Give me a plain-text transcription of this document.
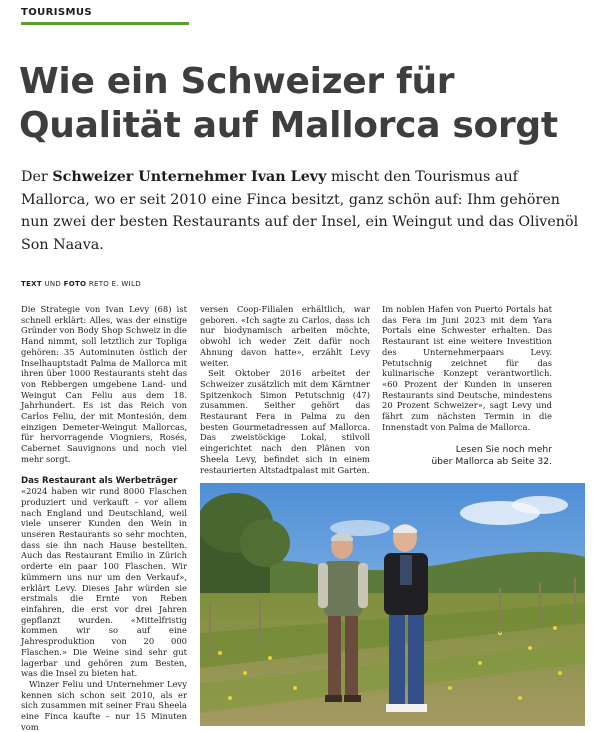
TOURISMUS
Wie ein Schweizer für
Qualität auf Mallorca sorgt

Der Schweizer Unternehmer Ivan Levy mischt den Tourismus auf Mallorca, wo er seit 2010 eine Finca besitzt, ganz schön auf: Ihm gehören nun zwei der besten Restaurants auf der Insel, ein Weingut und das Olivenöl Son Naava.

TEXT UND FOTO RETO E. WILD

Die Strategie von Ivan Levy (68) ist schnell erklärt: Alles, was der einstige Gründer von Body Shop Schweiz in die Hand nimmt, soll letztlich zur Topliga gehören: 35 Autominuten östlich der Inselhauptstadt Palma de Mallorca mit ihren über 1000 Restaurants steht das von Rebbergen umgebene Land- und Weingut Can Feliu aus dem 18. Jahrhundert. Es ist das Reich von Carlos Feliu, der mit Montesión, dem einzigen Demeter-Weingut Mallorcas, für hervorragende Viogniers, Rosés, Cabernet Sauvignons und noch viel mehr sorgt.

Das Restaurant als Werbeträger

«2024 haben wir rund 8000 Flaschen produziert und verkauft – vor allem nach England und Deutschland, weil viele unserer Kunden den Wein in unseren Restaurants so sehr mochten, dass sie ihn nach Hause bestellten. Auch das Restaurant Emilio in Zürich orderte ein paar 100 Flaschen. Wir kümmern uns nur um den Verkauf», erklärt Levy. Dieses Jahr würden sie erstmals die Ernte von Reben einfahren, die erst vor drei Jahren gepflanzt wurden. «Mittelfristig kommen wir so auf eine Jahresproduktion von 20 000 Flaschen.» Die Weine sind sehr gut lagerbar und gehören zum Besten, was die Insel zu bieten hat.

Winzer Feliu und Unternehmer Levy kennen sich schon seit 2010, als er sich zusammen mit seiner Frau Sheela eine Finca kaufte – nur 15 Minuten vom

versen Coop-Filialen erhältlich, war geboren. «Ich sagte zu Carlos, dass ich nur biodynamisch arbeiten möchte, obwohl ich weder Zeit dafür noch Ahnung davon hatte», erzählt Levy weiter.

Seit Oktober 2016 arbeitet der Schweizer zusätzlich mit dem Kärntner Spitzenkoch Simon Petutschnig (47) zusammen. Seither gehört das Restaurant Fera in Palma zu den besten Gourmetadressen auf Mallorca. Das zweistöckige Lokal, stilvoll eingerichtet nach den Plänen von Sheela Levy, befindet sich in einem restaurierten Altstadtpalast mit Garten.

Im noblen Hafen von Puerto Portals hat das Fera im Juni 2023 mit dem Yara Portals eine Schwester erhalten. Das Restaurant ist eine weitere Investition des Unternehmerpaars Levy. Petutschnig zeichnet für das kulinarische Konzept verantwortlich. «60 Prozent der Kunden in unseren Restaurants sind Deutsche, mindestens 20 Prozent Schweizer», sagt Levy und fährt zum nächsten Termin in die Innenstadt von Palma de Mallorca.

Lesen Sie noch mehr
über Mallorca ab Seite 32.
